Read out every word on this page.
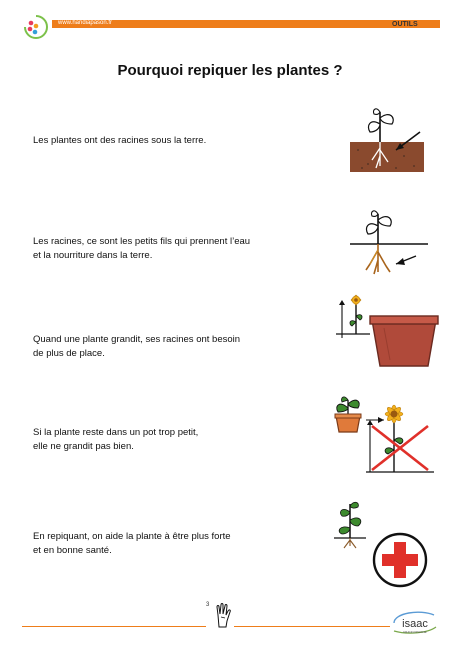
www.handiapason.fr	OUTILS
Pourquoi repiquer les plantes ?
Les plantes ont des racines sous la terre.
Les racines, ce sont les petits fils qui prennent l’eau
et la nourriture dans la terre.
Quand une plante grandit, ses racines ont besoin
de plus de place.
Si la plante reste dans un pot trop petit,
elle ne grandit pas bien.
En repiquant, on aide la plante à être plus forte
et en bonne santé.
3
isaac
FRANCOPHONE
